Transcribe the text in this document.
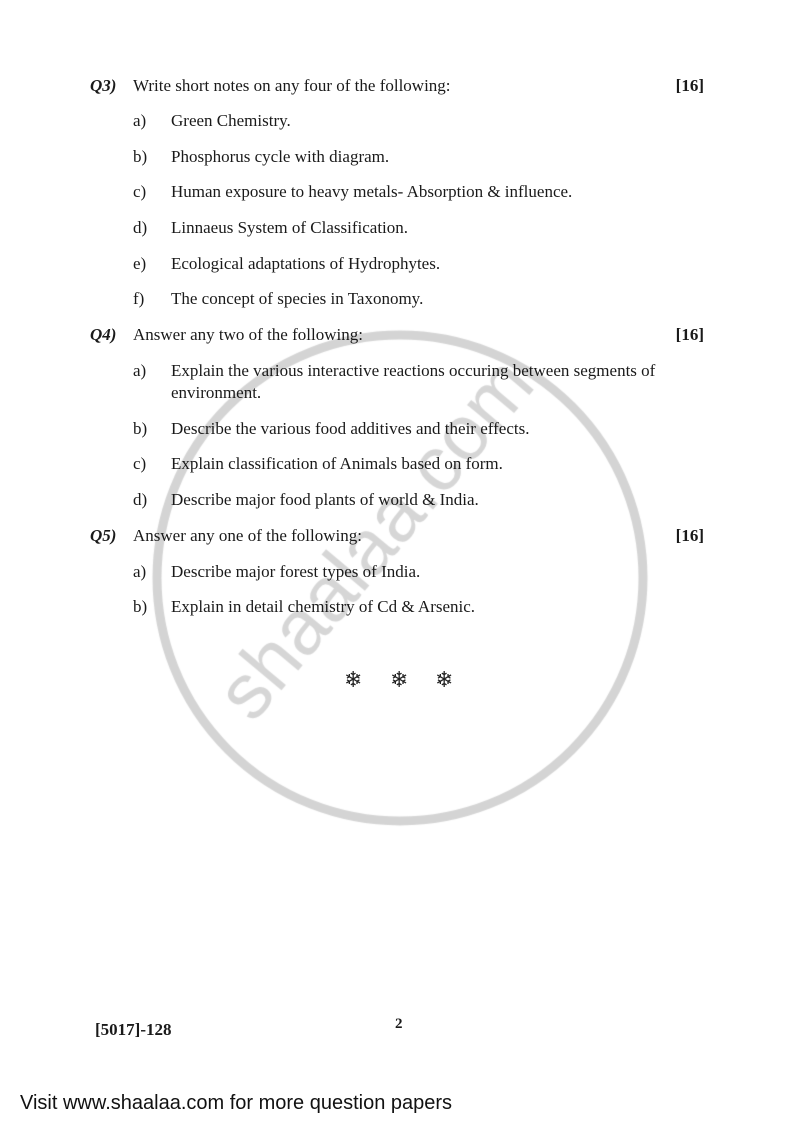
Q3) Write short notes on any four of the following:	[16]
a) Green Chemistry.
b) Phosphorus cycle with diagram.
c) Human exposure to heavy metals- Absorption & influence.
d) Linnaeus System of Classification.
e) Ecological adaptations of Hydrophytes.
f) The concept of species in Taxonomy.
Q4) Answer any two of the following:	[16]
a) Explain the various interactive reactions occuring between segments of environment.
b) Describe the various food additives and their effects.
c) Explain classification of Animals based on form.
d) Describe major food plants of world & India.
Q5) Answer any one of the following:	[16]
a) Describe major forest types of India.
b) Explain in detail chemistry of Cd & Arsenic.
❄ ❄ ❄
[5017]-128	2
Visit www.shaalaa.com for more question papers
